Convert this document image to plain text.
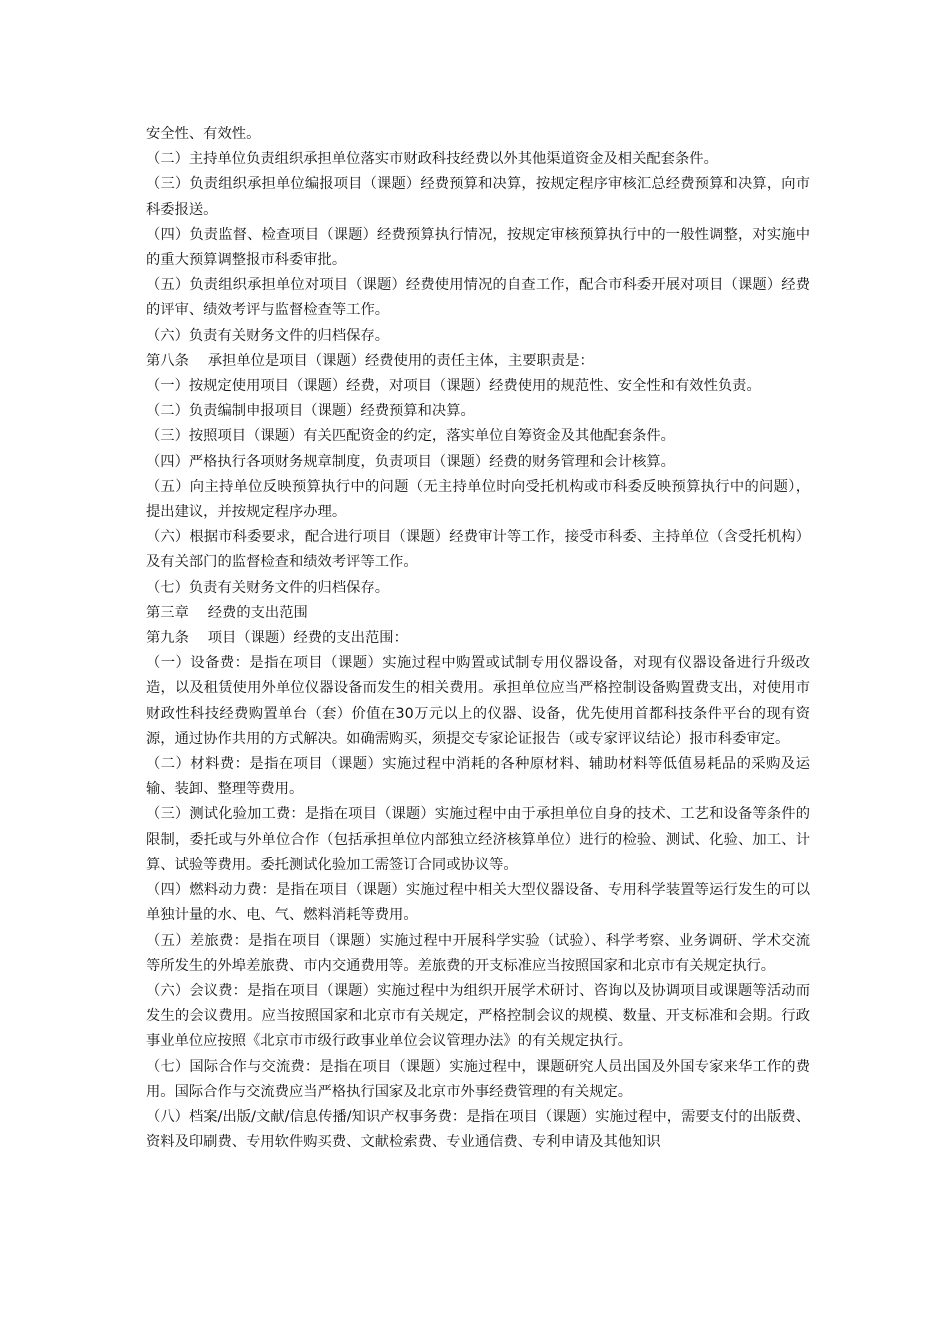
安全性、有效性。

（二）主持单位负责组织承担单位落实市财政科技经费以外其他渠道资金及相关配套条件。

（三）负责组织承担单位编报项目（课题）经费预算和决算，按规定程序审核汇总经费预算和决算，向市科委报送。

（四）负责监督、检查项目（课题）经费预算执行情况，按规定审核预算执行中的一般性调整，对实施中的重大预算调整报市科委审批。

（五）负责组织承担单位对项目（课题）经费使用情况的自查工作，配合市科委开展对项目（课题）经费的评审、绩效考评与监督检查等工作。

（六）负责有关财务文件的归档保存。

第八条　 承担单位是项目（课题）经费使用的责任主体，主要职责是：

（一）按规定使用项目（课题）经费，对项目（课题）经费使用的规范性、安全性和有效性负责。

（二）负责编制申报项目（课题）经费预算和决算。

（三）按照项目（课题）有关匹配资金的约定，落实单位自筹资金及其他配套条件。

（四）严格执行各项财务规章制度，负责项目（课题）经费的财务管理和会计核算。

（五）向主持单位反映预算执行中的问题（无主持单位时向受托机构或市科委反映预算执行中的问题），提出建议，并按规定程序办理。

（六）根据市科委要求，配合进行项目（课题）经费审计等工作，接受市科委、主持单位（含受托机构）及有关部门的监督检查和绩效考评等工作。

（七）负责有关财务文件的归档保存。

第三章　 经费的支出范围

第九条　 项目（课题）经费的支出范围：

（一）设备费：是指在项目（课题）实施过程中购置或试制专用仪器设备，对现有仪器设备进行升级改造，以及租赁使用外单位仪器设备而发生的相关费用。承担单位应当严格控制设备购置费支出，对使用市财政性科技经费购置单台（套）价值在30万元以上的仪器、设备，优先使用首都科技条件平台的现有资源，通过协作共用的方式解决。如确需购买，须提交专家论证报告（或专家评议结论）报市科委审定。

（二）材料费：是指在项目（课题）实施过程中消耗的各种原材料、辅助材料等低值易耗品的采购及运输、装卸、整理等费用。

（三）测试化验加工费：是指在项目（课题）实施过程中由于承担单位自身的技术、工艺和设备等条件的限制，委托或与外单位合作（包括承担单位内部独立经济核算单位）进行的检验、测试、化验、加工、计算、试验等费用。委托测试化验加工需签订合同或协议等。

（四）燃料动力费：是指在项目（课题）实施过程中相关大型仪器设备、专用科学装置等运行发生的可以单独计量的水、电、气、燃料消耗等费用。

（五）差旅费：是指在项目（课题）实施过程中开展科学实验（试验）、科学考察、业务调研、学术交流等所发生的外埠差旅费、市内交通费用等。差旅费的开支标准应当按照国家和北京市有关规定执行。

（六）会议费：是指在项目（课题）实施过程中为组织开展学术研讨、咨询以及协调项目或课题等活动而发生的会议费用。应当按照国家和北京市有关规定，严格控制会议的规模、数量、开支标准和会期。行政事业单位应按照《北京市市级行政事业单位会议管理办法》的有关规定执行。

（七）国际合作与交流费：是指在项目（课题）实施过程中，课题研究人员出国及外国专家来华工作的费用。国际合作与交流费应当严格执行国家及北京市外事经费管理的有关规定。

（八）档案/出版/文献/信息传播/知识产权事务费：是指在项目（课题）实施过程中，需要支付的出版费、资料及印刷费、专用软件购买费、文献检索费、专业通信费、专利申请及其他知识
